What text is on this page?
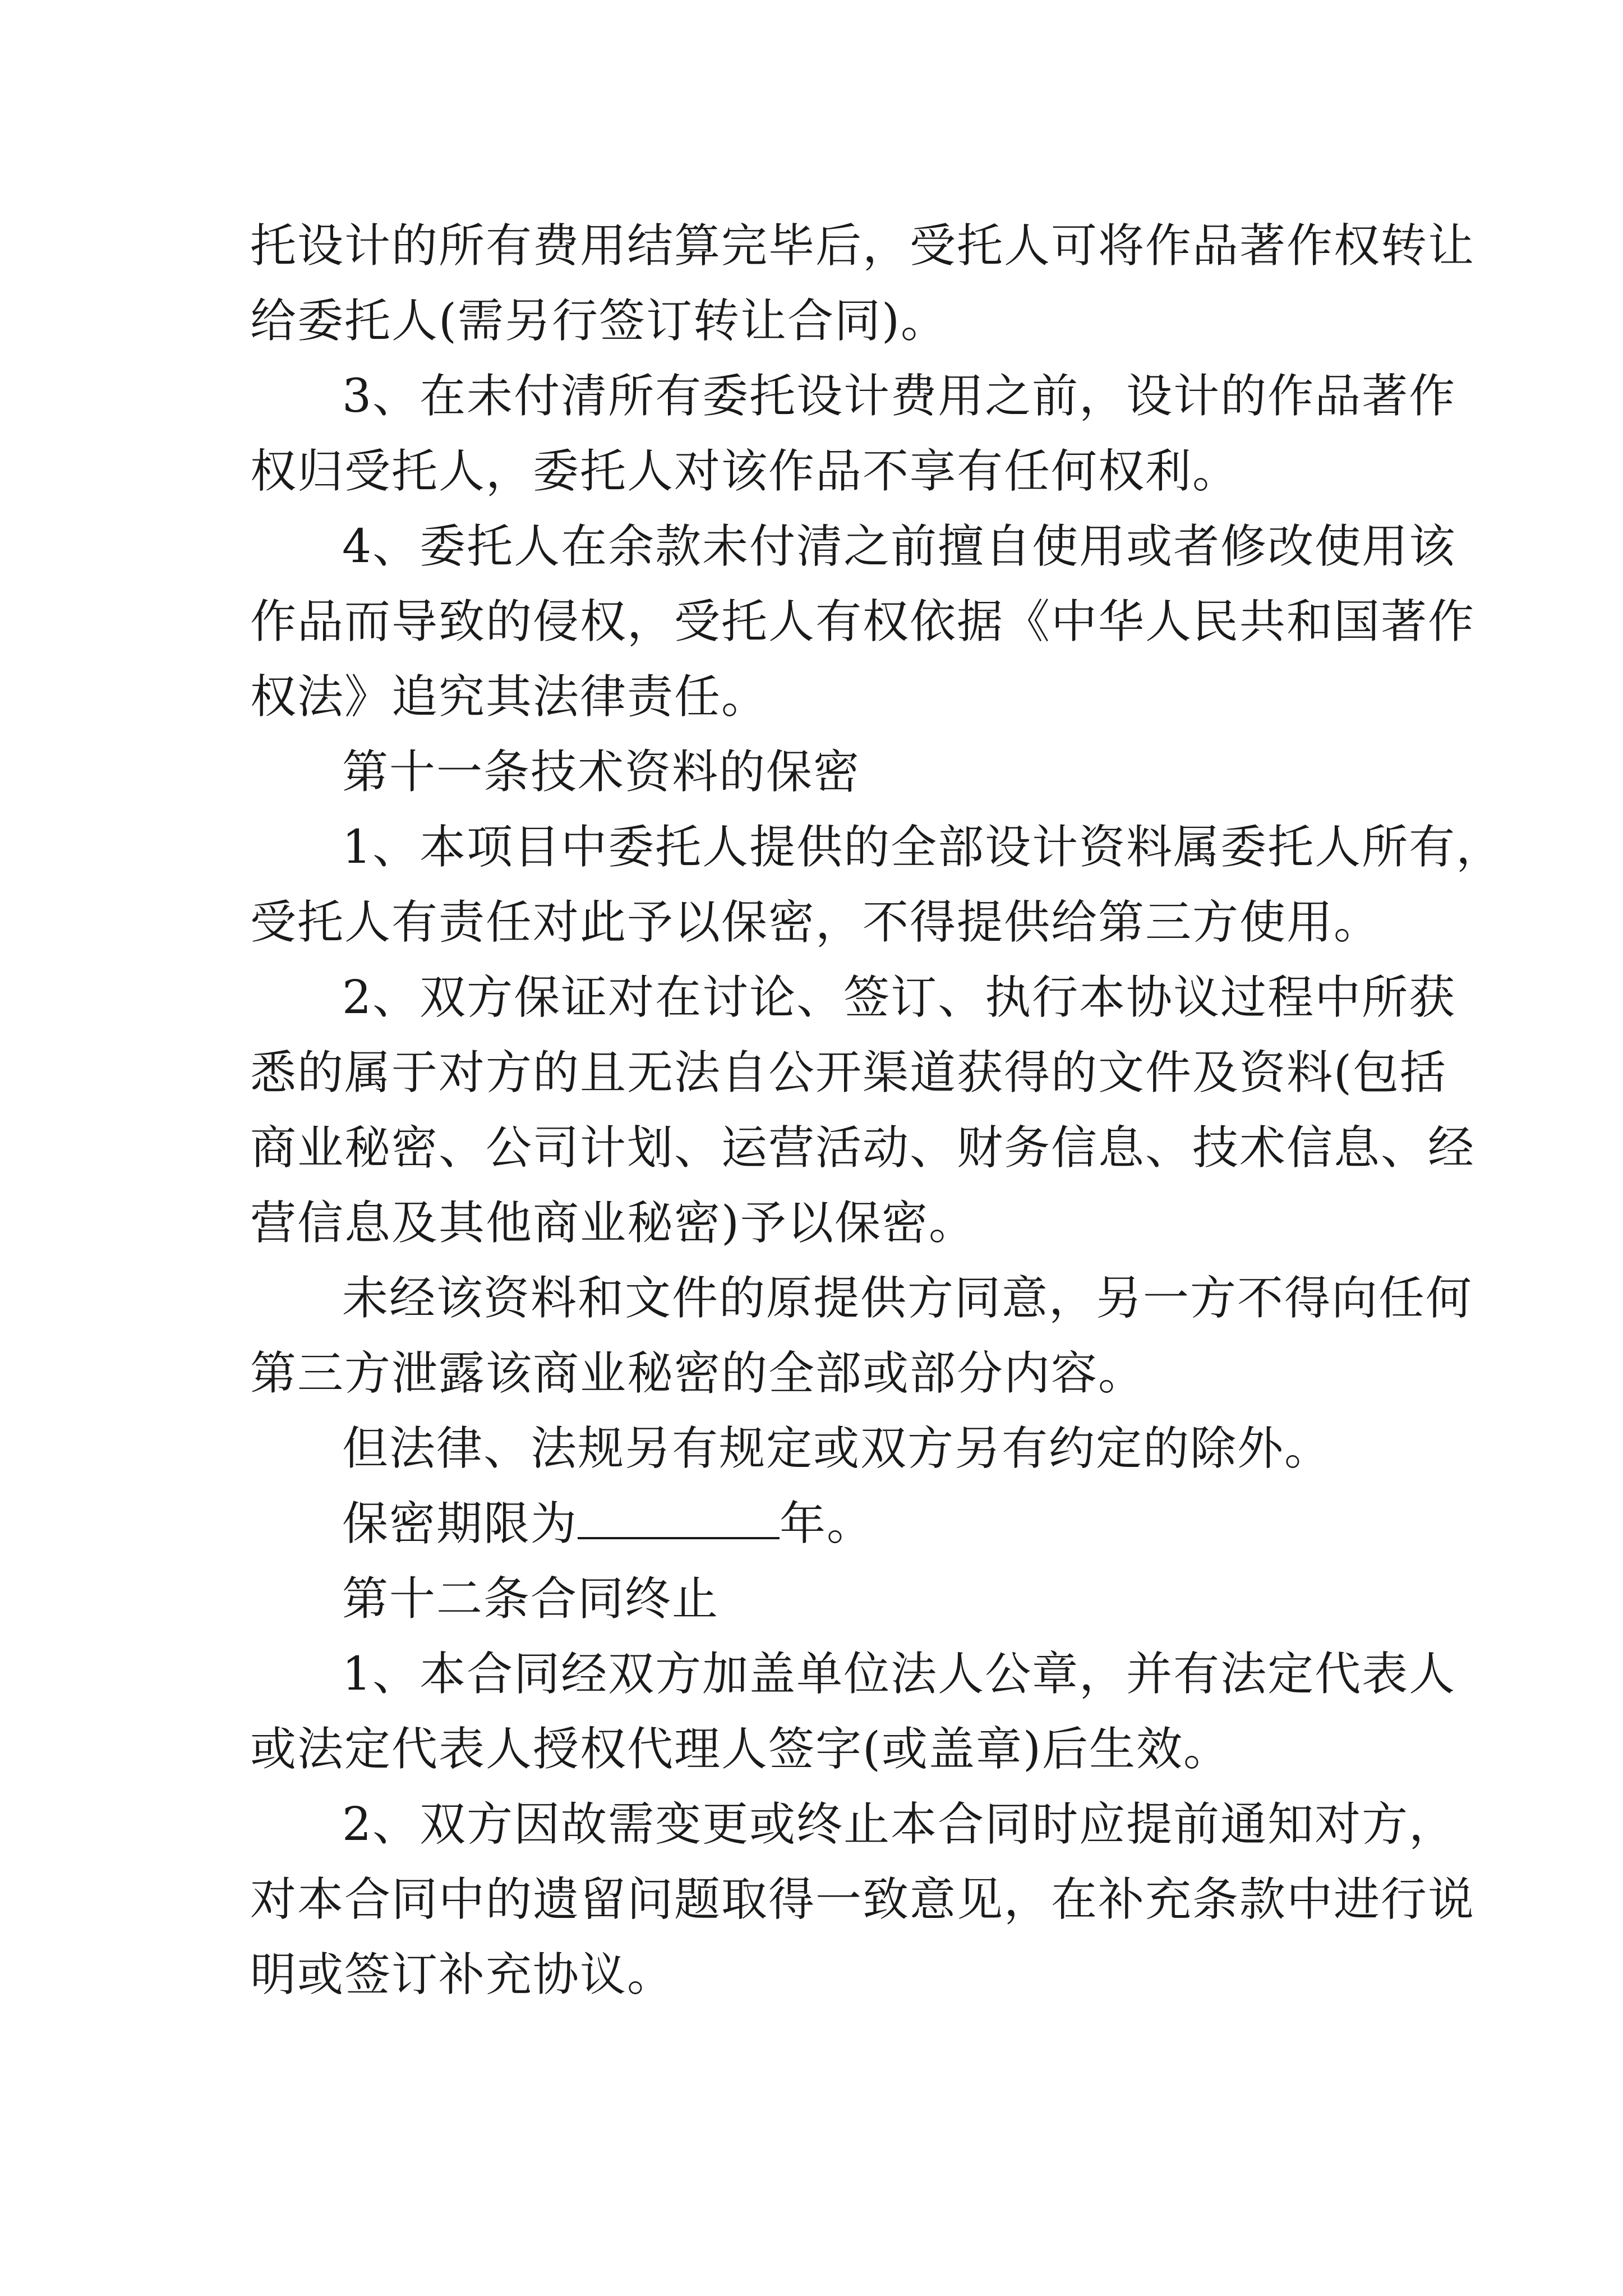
托设计的所有费用结算完毕后，受托人可将作品著作权转让
给委托人(需另行签订转让合同)。
3、在未付清所有委托设计费用之前，设计的作品著作
权归受托人，委托人对该作品不享有任何权利。
4、委托人在余款未付清之前擅自使用或者修改使用该
作品而导致的侵权，受托人有权依据《中华人民共和国著作
权法》追究其法律责任。
第十一条技术资料的保密
1、本项目中委托人提供的全部设计资料属委托人所有，
受托人有责任对此予以保密，不得提供给第三方使用。
2、双方保证对在讨论、签订、执行本协议过程中所获
悉的属于对方的且无法自公开渠道获得的文件及资料(包括
商业秘密、公司计划、运营活动、财务信息、技术信息、经
营信息及其他商业秘密)予以保密。
未经该资料和文件的原提供方同意，另一方不得向任何
第三方泄露该商业秘密的全部或部分内容。
但法律、法规另有规定或双方另有约定的除外。
保密期限为	年。
第十二条合同终止
1、本合同经双方加盖单位法人公章，并有法定代表人
或法定代表人授权代理人签字(或盖章)后生效。
2、双方因故需变更或终止本合同时应提前通知对方，
对本合同中的遗留问题取得一致意见，在补充条款中进行说
明或签订补充协议。
